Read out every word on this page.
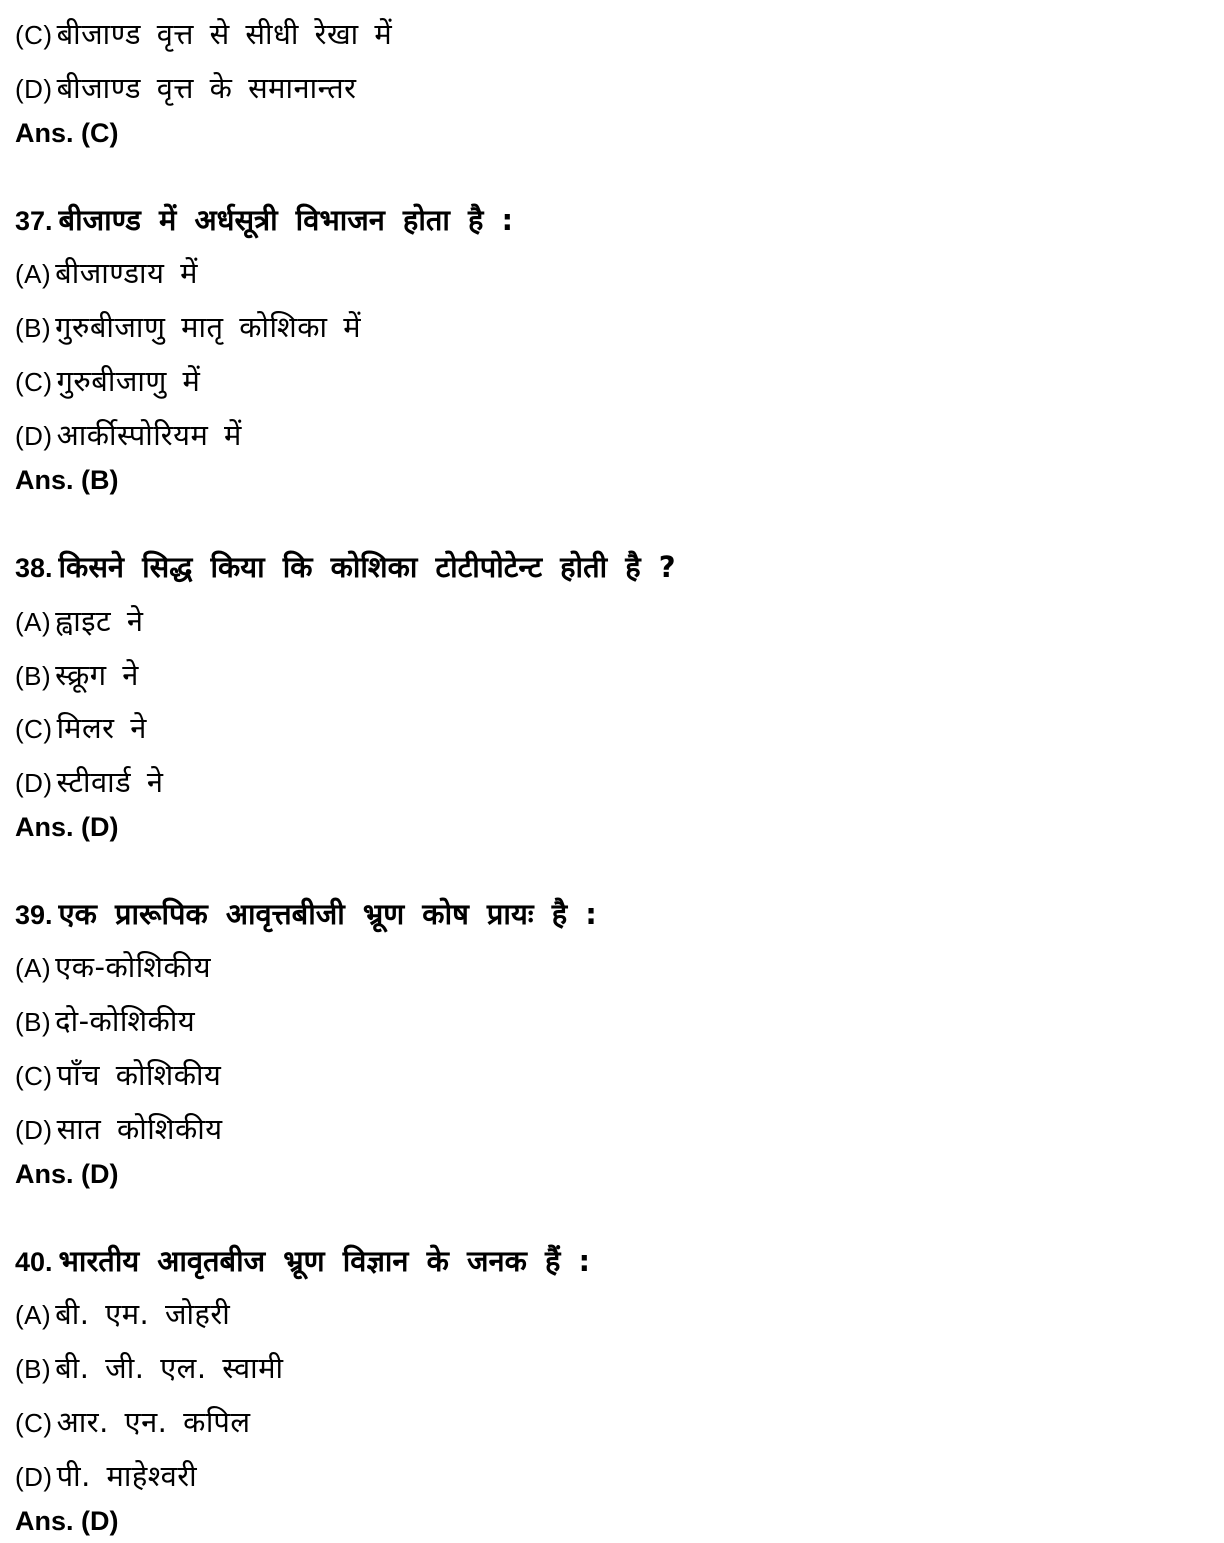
(C) बीजाण्ड वृत्त से सीधी रेखा में
(D) बीजाण्ड वृत्त के समानान्तर
Ans. (C)
37. बीजाण्ड में अर्धसूत्री विभाजन होता है :
(A) बीजाण्डाय में
(B) गुरुबीजाणु मातृ कोशिका में
(C) गुरुबीजाणु में
(D) आर्कीस्पोरियम में
Ans. (B)
38. किसने सिद्ध किया कि कोशिका टोटीपोटेन्ट होती है ?
(A) ह्वाइट ने
(B) स्क्रूग ने
(C) मिलर ने
(D) स्टीवार्ड ने
Ans. (D)
39. एक प्रारूपिक आवृत्तबीजी भ्रूण कोष प्रायः है :
(A) एक-कोशिकीय
(B) दो-कोशिकीय
(C) पाँच कोशिकीय
(D) सात कोशिकीय
Ans. (D)
40. भारतीय आवृतबीज भ्रूण विज्ञान के जनक हैं :
(A) बी. एम. जोहरी
(B) बी. जी. एल. स्वामी
(C) आर. एन. कपिल
(D) पी. माहेश्वरी
Ans. (D)
